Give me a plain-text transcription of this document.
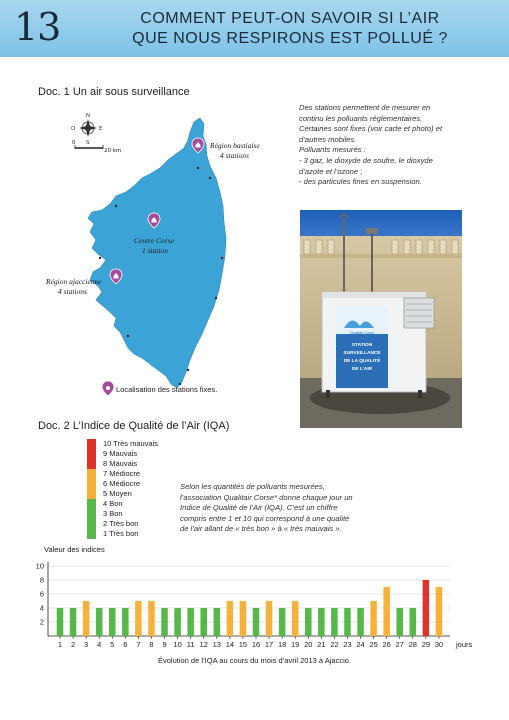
13	COMMENT PEUT-ON SAVOIR SI L’AIR
QUE NOUS RESPIRONS EST POLLUÉ ?
Doc. 1 Un air sous surveillance
N
E
S
O
0
20 km
Région bastiaise
4 stations
Centre Corse
1 station
Région ajaccienne
4 stations
Localisation des stations fixes.

Des stations permettent de mesurer en

continu les polluants réglementaires.

Certaines sont fixes (voir carte et photo) et

d’autres mobiles.

Polluants mesurés :

- 3 gaz, le dioxyde de soufre, le dioxyde

d’azote et l’ozone ;

- des particules fines en suspension.

Qualitair Corse
STATION
SURVEILLANCE
DE LA QUALITÉ
DE L’AIR
Doc. 2 L’Indice de Qualité de l’Air (IQA)
10 Très mauvais
9 Mauvais
8 Mauvais
7 Médiocre
6 Médiocre
5 Moyen
4 Bon
3 Bon
2 Très bon
1 Très bon
Selon les quantités de polluants mesurées,
l’association Qualitair Corse* donne chaque jour un
Indice de Qualité de l’Air (IQA). C’est un chiffre
compris entre 1 et 10 qui correspond à une qualité
de l’air allant de « très bon » à « très mauvais ».
Valeur des indices
2
4
6
8
10
1 2 3 4 5 6 7 8 9 10 11 12 13 14 15 16 17 18 19 20 21 22 23 24 25 26 27 28 29 30 jours
Évolution de l’IQA au cours du mois d’avril 2013 à Ajaccio.
